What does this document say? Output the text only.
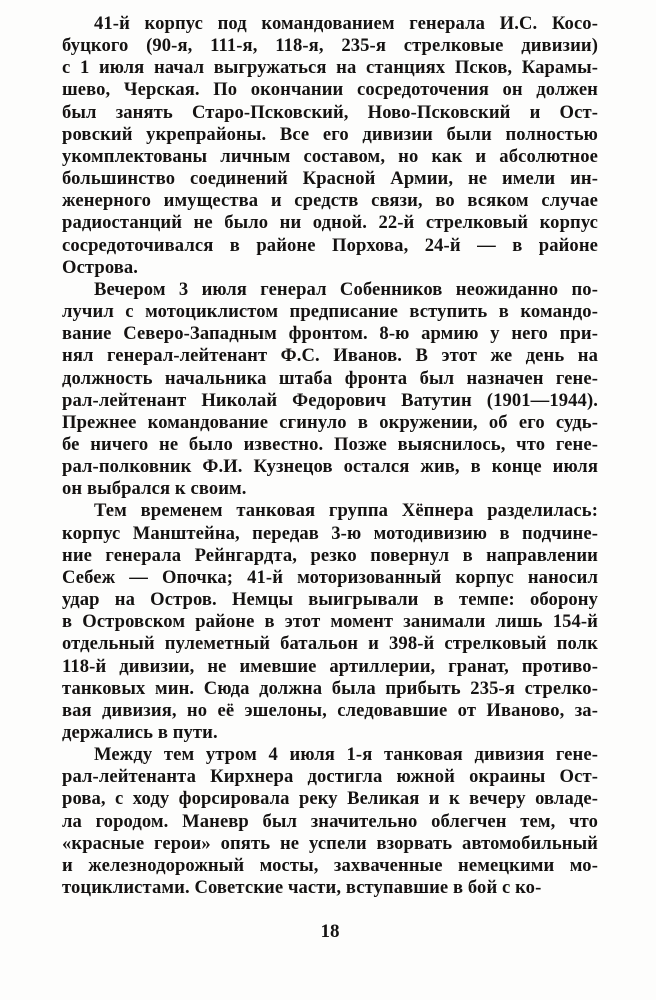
41-й корпус под командованием генерала И.С. Косо-
буцкого (90-я, 111-я, 118-я, 235-я стрелковые дивизии)
с 1 июля начал выгружаться на станциях Псков, Карамы-
шево, Черская. По окончании сосредоточения он должен
был занять Старо-Псковский, Ново-Псковский и Ост-
ровский укрепрайоны. Все его дивизии были полностью
укомплектованы личным составом, но как и абсолютное
большинство соединений Красной Армии, не имели ин-
женерного имущества и средств связи, во всяком случае
радиостанций не было ни одной. 22-й стрелковый корпус
сосредоточивался в районе Порхова, 24-й — в районе
Острова.
Вечером 3 июля генерал Собенников неожиданно по-
лучил с мотоциклистом предписание вступить в командо-
вание Северо-Западным фронтом. 8-ю армию у него при-
нял генерал-лейтенант Ф.С. Иванов. В этот же день на
должность начальника штаба фронта был назначен гене-
рал-лейтенант Николай Федорович Ватутин (1901—1944).
Прежнее командование сгинуло в окружении, об его судь-
бе ничего не было известно. Позже выяснилось, что гене-
рал-полковник Ф.И. Кузнецов остался жив, в конце июля
он выбрался к своим.
Тем временем танковая группа Хёпнера разделилась:
корпус Манштейна, передав 3-ю мотодивизию в подчине-
ние генерала Рейнгардта, резко повернул в направлении
Себеж — Опочка; 41-й моторизованный корпус наносил
удар на Остров. Немцы выигрывали в темпе: оборону
в Островском районе в этот момент занимали лишь 154-й
отдельный пулеметный батальон и 398-й стрелковый полк
118-й дивизии, не имевшие артиллерии, гранат, противо-
танковых мин. Сюда должна была прибыть 235-я стрелко-
вая дивизия, но её эшелоны, следовавшие от Иваново, за-
держались в пути.
Между тем утром 4 июля 1-я танковая дивизия гене-
рал-лейтенанта Кирхнера достигла южной окраины Ост-
рова, с ходу форсировала реку Великая и к вечеру овладе-
ла городом. Маневр был значительно облегчен тем, что
«красные герои» опять не успели взорвать автомобильный
и железнодорожный мосты, захваченные немецкими мо-
тоциклистами. Советские части, вступавшие в бой с ко-
18
